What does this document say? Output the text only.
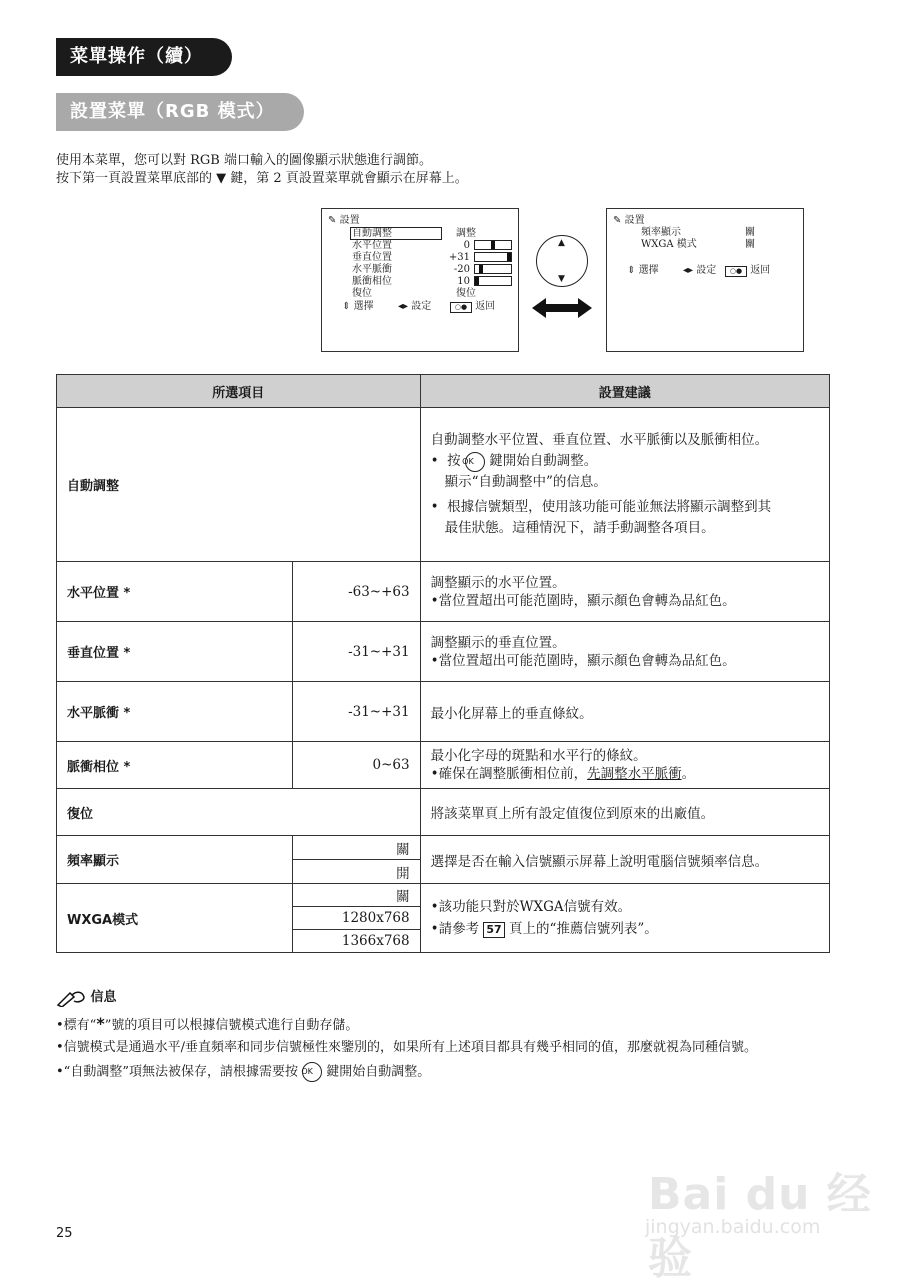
菜單操作（續）
設置菜單（RGB 模式）
使用本菜單，您可以對 RGB 端口輸入的圖像顯示狀態進行調節。
按下第一頁設置菜單底部的 ▼ 鍵，第 2 頁設置菜單就會顯示在屏幕上。
✎ 設置
自動調整
水平位置
垂直位置
水平脈衝
脈衝相位
復位
調整
0
+31
-20
10
復位
⇕ 選擇 ◂▸ 設定	○● 返回
▲
▼
✎ 設置
頻率顯示
WXGA 模式
關
關
⇕ 選擇 ◂▸ 設定	○● 返回
所選項目		設置建議
自動調整		自動調整水平位置、垂直位置、水平脈衝以及脈衝相位。
•  按 OK 鍵開始自動調整。
顯示“自動調整中”的信息。
•  根據信號類型，使用該功能可能並無法將顯示調整到其
最佳狀態。這種情況下，請手動調整各項目。

水平位置 *	-63~+63	調整顯示的水平位置。
•當位置超出可能范圍時，顯示顏色會轉為品紅色。

垂直位置 *	-31~+31	調整顯示的垂直位置。
•當位置超出可能范圍時，顯示顏色會轉為品紅色。

水平脈衝 *	-31~+31	最小化屏幕上的垂直條紋。
脈衝相位 *	0~63	最小化字母的斑點和水平行的條紋。
•確保在調整脈衝相位前，先調整水平脈衝。

復位		將該菜單頁上所有設定值復位到原來的出廠值。
頻率顯示	關	選擇是否在輸入信號顯示屏幕上說明電腦信號頻率信息。
	開	
WXGA模式	關	•該功能只對於WXGA信號有效。
•請參考 57 頁上的“推薦信號列表”。

	1280x768	
	1366x768	
信息

•標有“*”號的項目可以根據信號模式進行自動存儲。

•信號模式是通過水平/垂直頻率和同步信號極性來鑒別的，如果所有上述項目都具有幾乎相同的值，那麼就視為同種信號。

•“自動調整”項無法被保存，請根據需要按 OK 鍵開始自動調整。

25
Bai du 经验
jingyan.baidu.com
